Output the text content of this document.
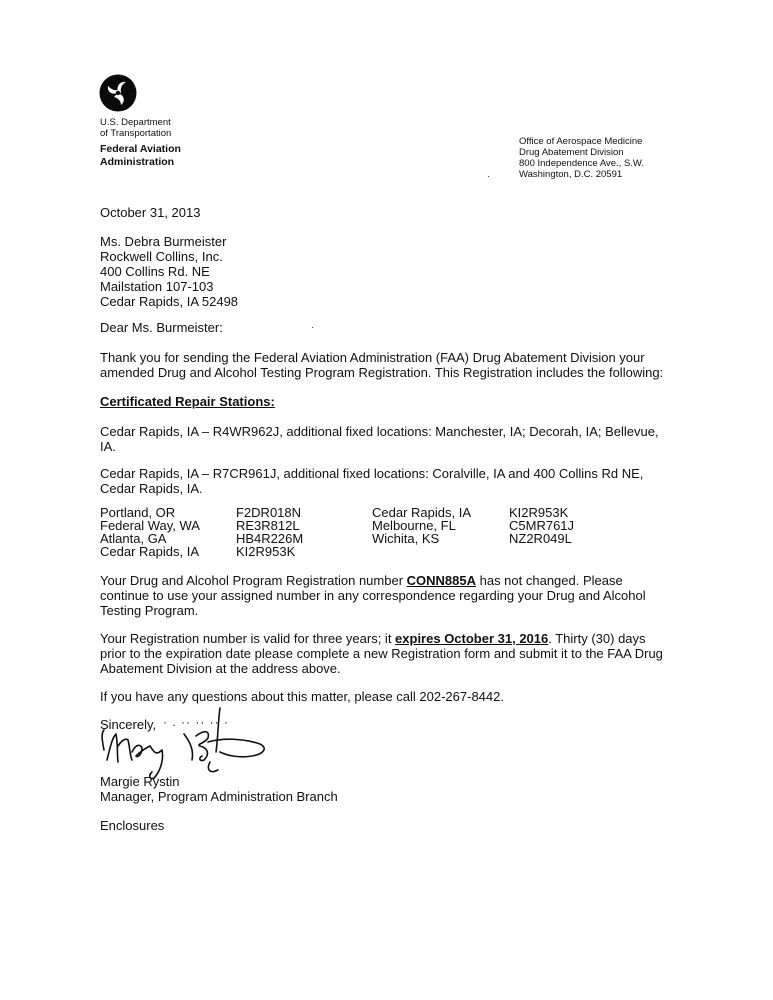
U.S. Department
of Transportation
Federal Aviation
Administration
Office of Aerospace Medicine
Drug Abatement Division
800 Independence Ave., S.W.
Washington, D.C. 20591
·
October 31, 2013
Ms. Debra Burmeister
Rockwell Collins, Inc.
400 Collins Rd. NE
Mailstation 107-103
Cedar Rapids, IA 52498
Dear Ms. Burmeister:	·
Thank you for sending the Federal Aviation Administration (FAA) Drug Abatement Division your
amended Drug and Alcohol Testing Program Registration. This Registration includes the following:
Certificated Repair Stations:
Cedar Rapids, IA – R4WR962J, additional fixed locations: Manchester, IA; Decorah, IA; Bellevue,
IA.
Cedar Rapids, IA – R7CR961J, additional fixed locations: Coralville, IA and 400 Collins Rd NE,
Cedar Rapids, IA.
Portland, OR	F2DR018N	Cedar Rapids, IA	KI2R953K
Federal Way, WA	RE3R812L	Melbourne, FL	C5MR761J
Atlanta, GA	HB4R226M	Wichita, KS	NZ2R049L
Cedar Rapids, IA	KI2R953K
Your Drug and Alcohol Program Registration number CONN885A has not changed. Please
continue to use your assigned number in any correspondence regarding your Drug and Alcohol
Testing Program.
Your Registration number is valid for three years; it expires October 31, 2016. Thirty (30) days
prior to the expiration date please complete a new Registration form and submit it to the FAA Drug
Abatement Division at the address above.
If you have any questions about this matter, please call 202-267-8442.
Sincerely, · . ·· ·· ·· ·
Margie Rystin
Manager, Program Administration Branch
Enclosures
